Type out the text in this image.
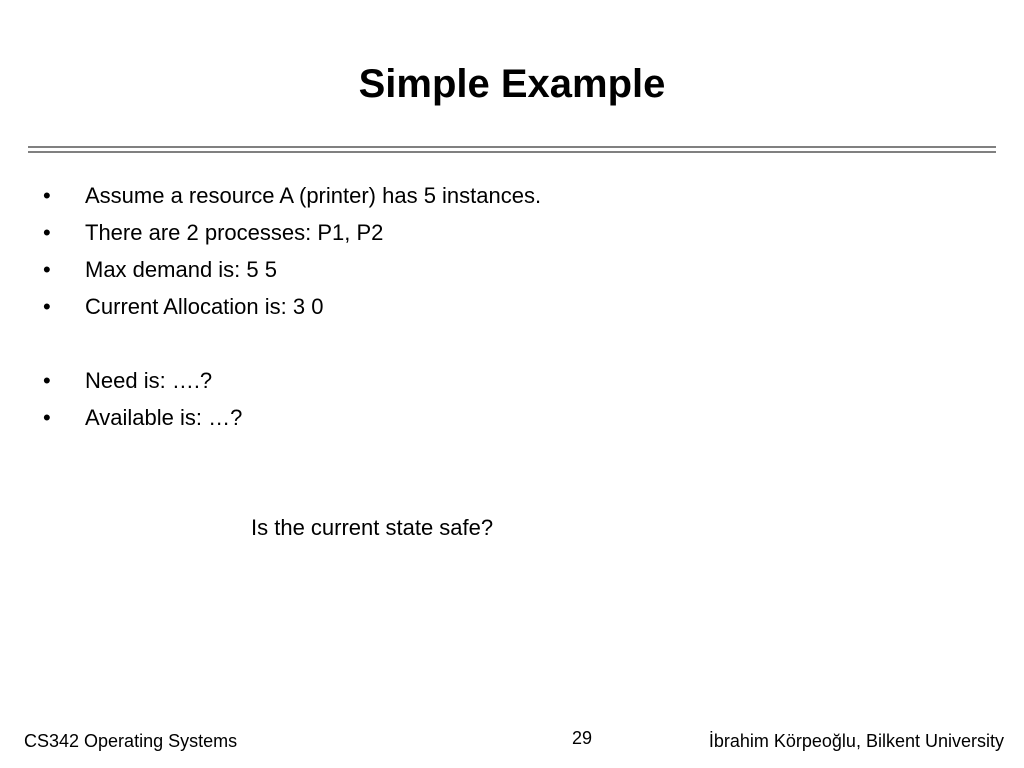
Simple Example
• Assume a resource A (printer) has 5 instances.
• There are 2 processes: P1, P2
• Max demand is: 5 5
• Current Allocation is: 3 0
• Need is: ….?
• Available is: …?
Is the current state safe?
CS342 Operating Systems	29	İbrahim Körpeoğlu, Bilkent University
